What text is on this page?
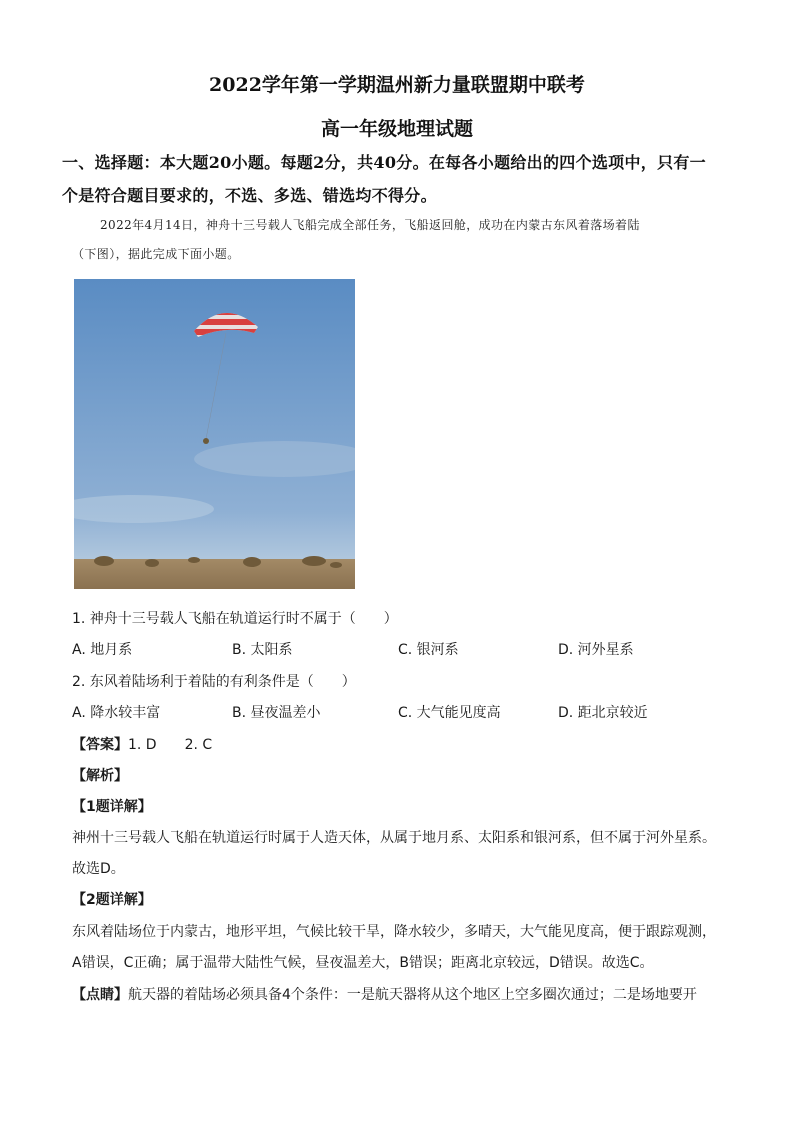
2022学年第一学期温州新力量联盟期中联考
高一年级地理试题
一、选择题：本大题20小题。每题2分，共40分。在每各小题给出的四个选项中，只有一
个是符合题目要求的，不选、多选、错选均不得分。
2022年4月14日，神舟十三号载人飞船完成全部任务，飞船返回舱，成功在内蒙古东风着落场着陆
（下图），据此完成下面小题。
1. 神舟十三号载人飞船在轨道运行时不属于（　　）
A. 地月系	B. 太阳系	C. 银河系	D. 河外星系
2. 东风着陆场利于着陆的有利条件是（　　）
A. 降水较丰富	B. 昼夜温差小	C. 大气能见度高	D. 距北京较近
【答案】1. D　　2. C
【解析】
【1题详解】
神州十三号载人飞船在轨道运行时属于人造天体，从属于地月系、太阳系和银河系，但不属于河外星系。
故选D。
【2题详解】
东风着陆场位于内蒙古，地形平坦，气候比较干旱，降水较少，多晴天，大气能见度高，便于跟踪观测，
A错误，C正确；属于温带大陆性气候，昼夜温差大，B错误；距离北京较远，D错误。故选C。
【点睛】航天器的着陆场必须具备4个条件：一是航天器将从这个地区上空多圈次通过；二是场地要开
